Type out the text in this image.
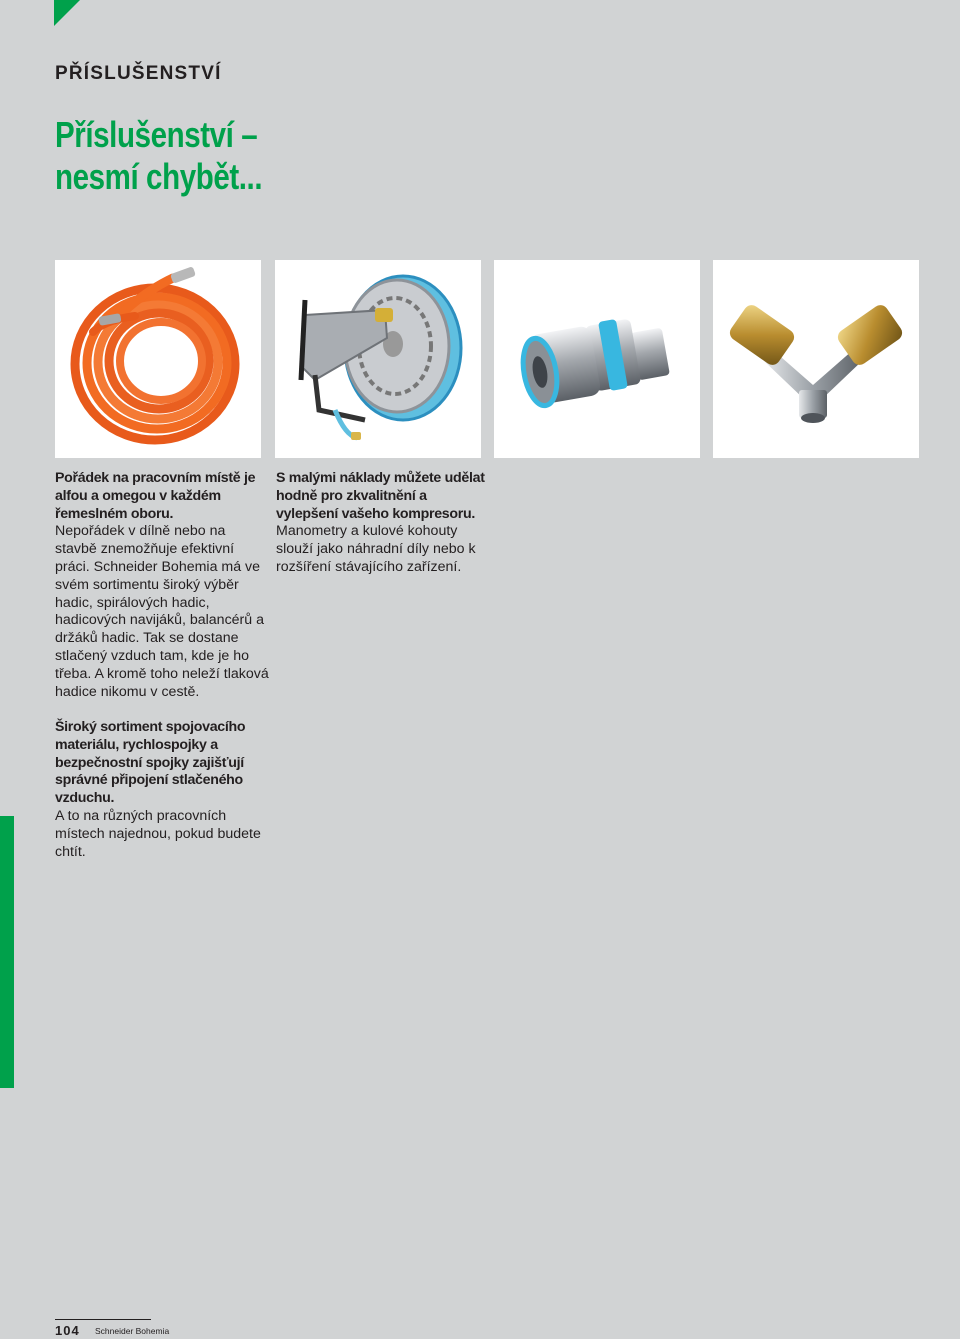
PŘÍSLUŠENSTVÍ
Příslušenství –
nesmí chybět...

Pořádek na pracovním místě je alfou a omegou v každém řemeslném oboru. Nepořádek v dílně nebo na stavbě znemožňuje efektivní práci. Schneider Bohemia má ve svém sortimentu široký výběr hadic, spirálových hadic, hadicových navijáků, balancérů a držáků hadic. Tak se dostane stlačený vzduch tam, kde je ho třeba. A kromě toho neleží tlaková hadice nikomu v cestě.

S malými náklady můžete udělat hodně pro zkvalitnění a vylepšení vašeho kompresoru. Manometry a kulové kohouty slouží jako náhradní díly nebo k rozšíření stávajícího zařízení.

Široký sortiment spojovacího materiálu, rychlospojky a bezpečnostní spojky zajišťují správné připojení stlačeného vzduchu. A to na různých pracovních místech najednou, pokud budete chtít.

104 Schneider Bohemia
